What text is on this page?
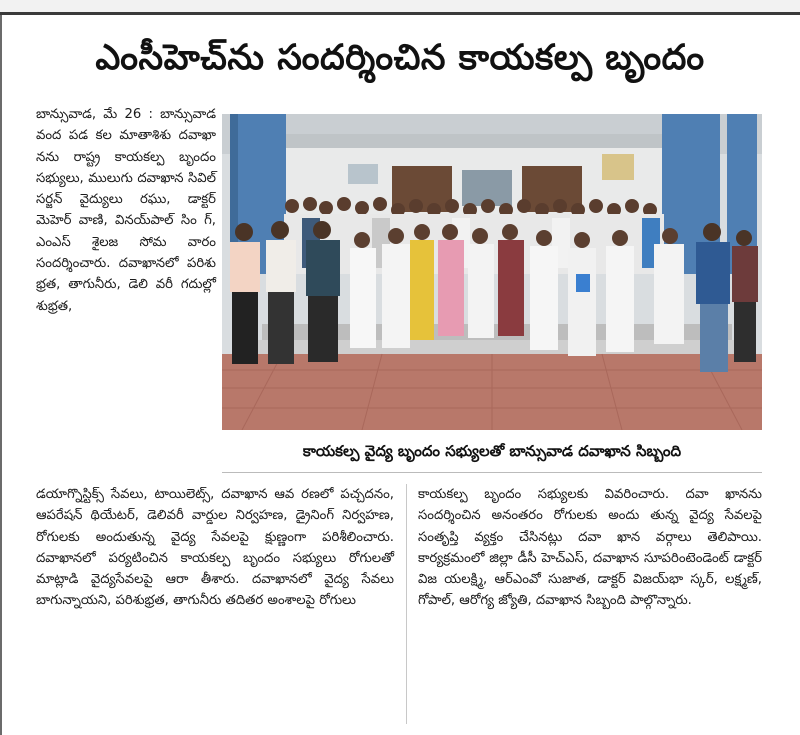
ఎంసీహెచ్‌ను సందర్శించిన కాయకల్ప బృందం

బాన్సువాడ, మే 26 : బాన్సువాడ వంద పడ కల మాతాశిశు దవాఖా నను రాష్ట్ర కాయకల్ప బృందం సభ్యులు, ములుగు దవాఖాన సివిల్ సర్జన్ వైద్యులు రఘు, డాక్టర్ మెహెర్ వాణి, వినయ్‌పాల్ సిం గ్, ఎంఎస్ శైలజ సోమ వారం సందర్శించారు. దవాఖానలో పరిశు భ్రత, తాగునీరు, డెలి వరీ గదుల్లో శుభ్రత,

కాయకల్ప వైద్య బృందం సభ్యులతో బాన్సువాడ దవాఖాన సిబ్బంది

డయాగ్నొస్టిక్స్ సేవలు, టాయిలెట్స్, దవాఖాన ఆవ రణలో పచ్చదనం, ఆపరేషన్ థియేటర్, డెలివరీ వార్డుల నిర్వహణ, డ్రైనింగ్ నిర్వహణ, రోగులకు అందుతున్న వైద్య సేవలపై క్షుణ్ణంగా పరిశీలించారు. దవాఖానలో పర్యటించిన కాయకల్ప బృందం సభ్యులు రోగులతో మాట్లాడి వైద్యసేవలపై ఆరా తీశారు. దవాఖానలో వైద్య సేవలు బాగున్నాయని, పరిశుభ్రత, తాగునీరు తదితర అంశాలపై రోగులు

కాయకల్ప బృందం సభ్యులకు వివరించారు. దవా ఖానను సందర్శించిన అనంతరం రోగులకు అందు తున్న వైద్య సేవలపై సంతృప్తి వ్యక్తం చేసినట్లు దవా ఖాన వర్గాలు తెలిపాయి. కార్యక్రమంలో జిల్లా డీసీ హెచ్ఎస్, దవాఖాన సూపరింటెండెంట్ డాక్టర్ విజ యలక్ష్మి, ఆర్ఎంవో సుజాత, డాక్టర్ విజయ్‌భా స్కర్, లక్ష్మణ్, గోపాల్, ఆరోగ్య జ్యోతి, దవాఖాన సిబ్బంది పాల్గొన్నారు.
